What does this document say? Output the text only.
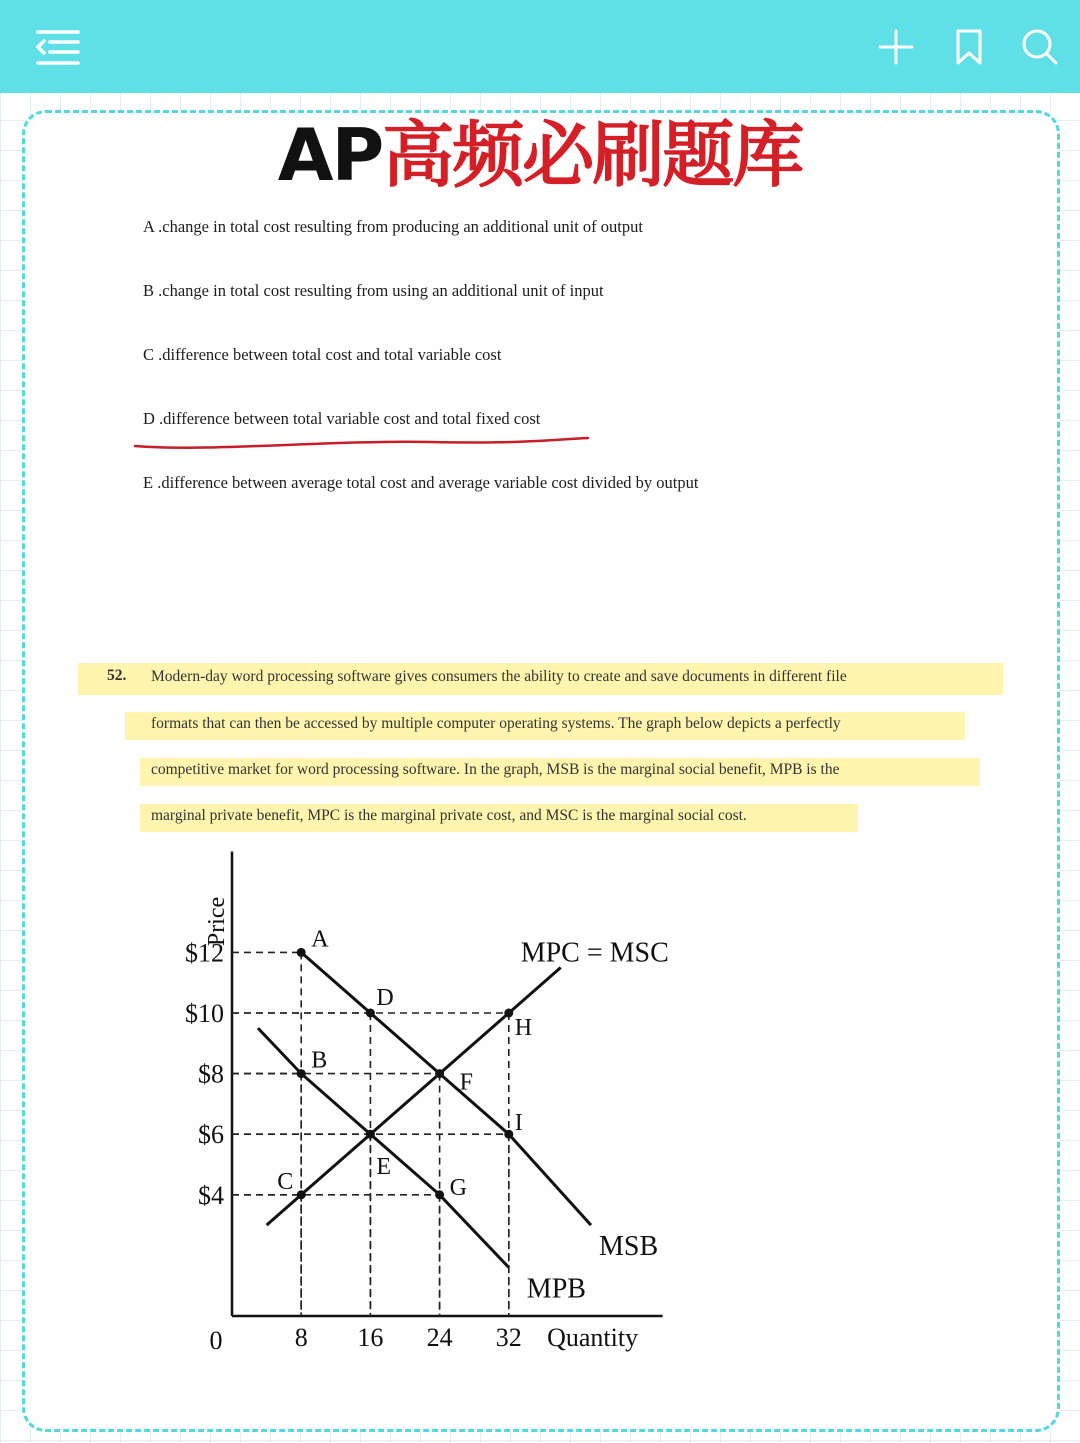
AP高频必刷题库
A .change in total cost resulting from producing an additional unit of output
B .change in total cost resulting from using an additional unit of input
C .difference between total cost and total variable cost
D .difference between total variable cost and total fixed cost
E .difference between average total cost and average variable cost divided by output
52. Modern-day word processing software gives consumers the ability to create and save documents in different file
formats that can then be accessed by multiple computer operating systems. The graph below depicts a perfectly
competitive market for word processing software. In the graph, MSB is the marginal social benefit, MPB is the
marginal private benefit, MPC is the marginal private cost, and MSC is the marginal social cost.
Price
Quantity
0	8 16 24 32
$4
$6
$8
$10
$12	MPC = MSC
MSB
MPB
A
B
C
D
E
F
G
H
I
